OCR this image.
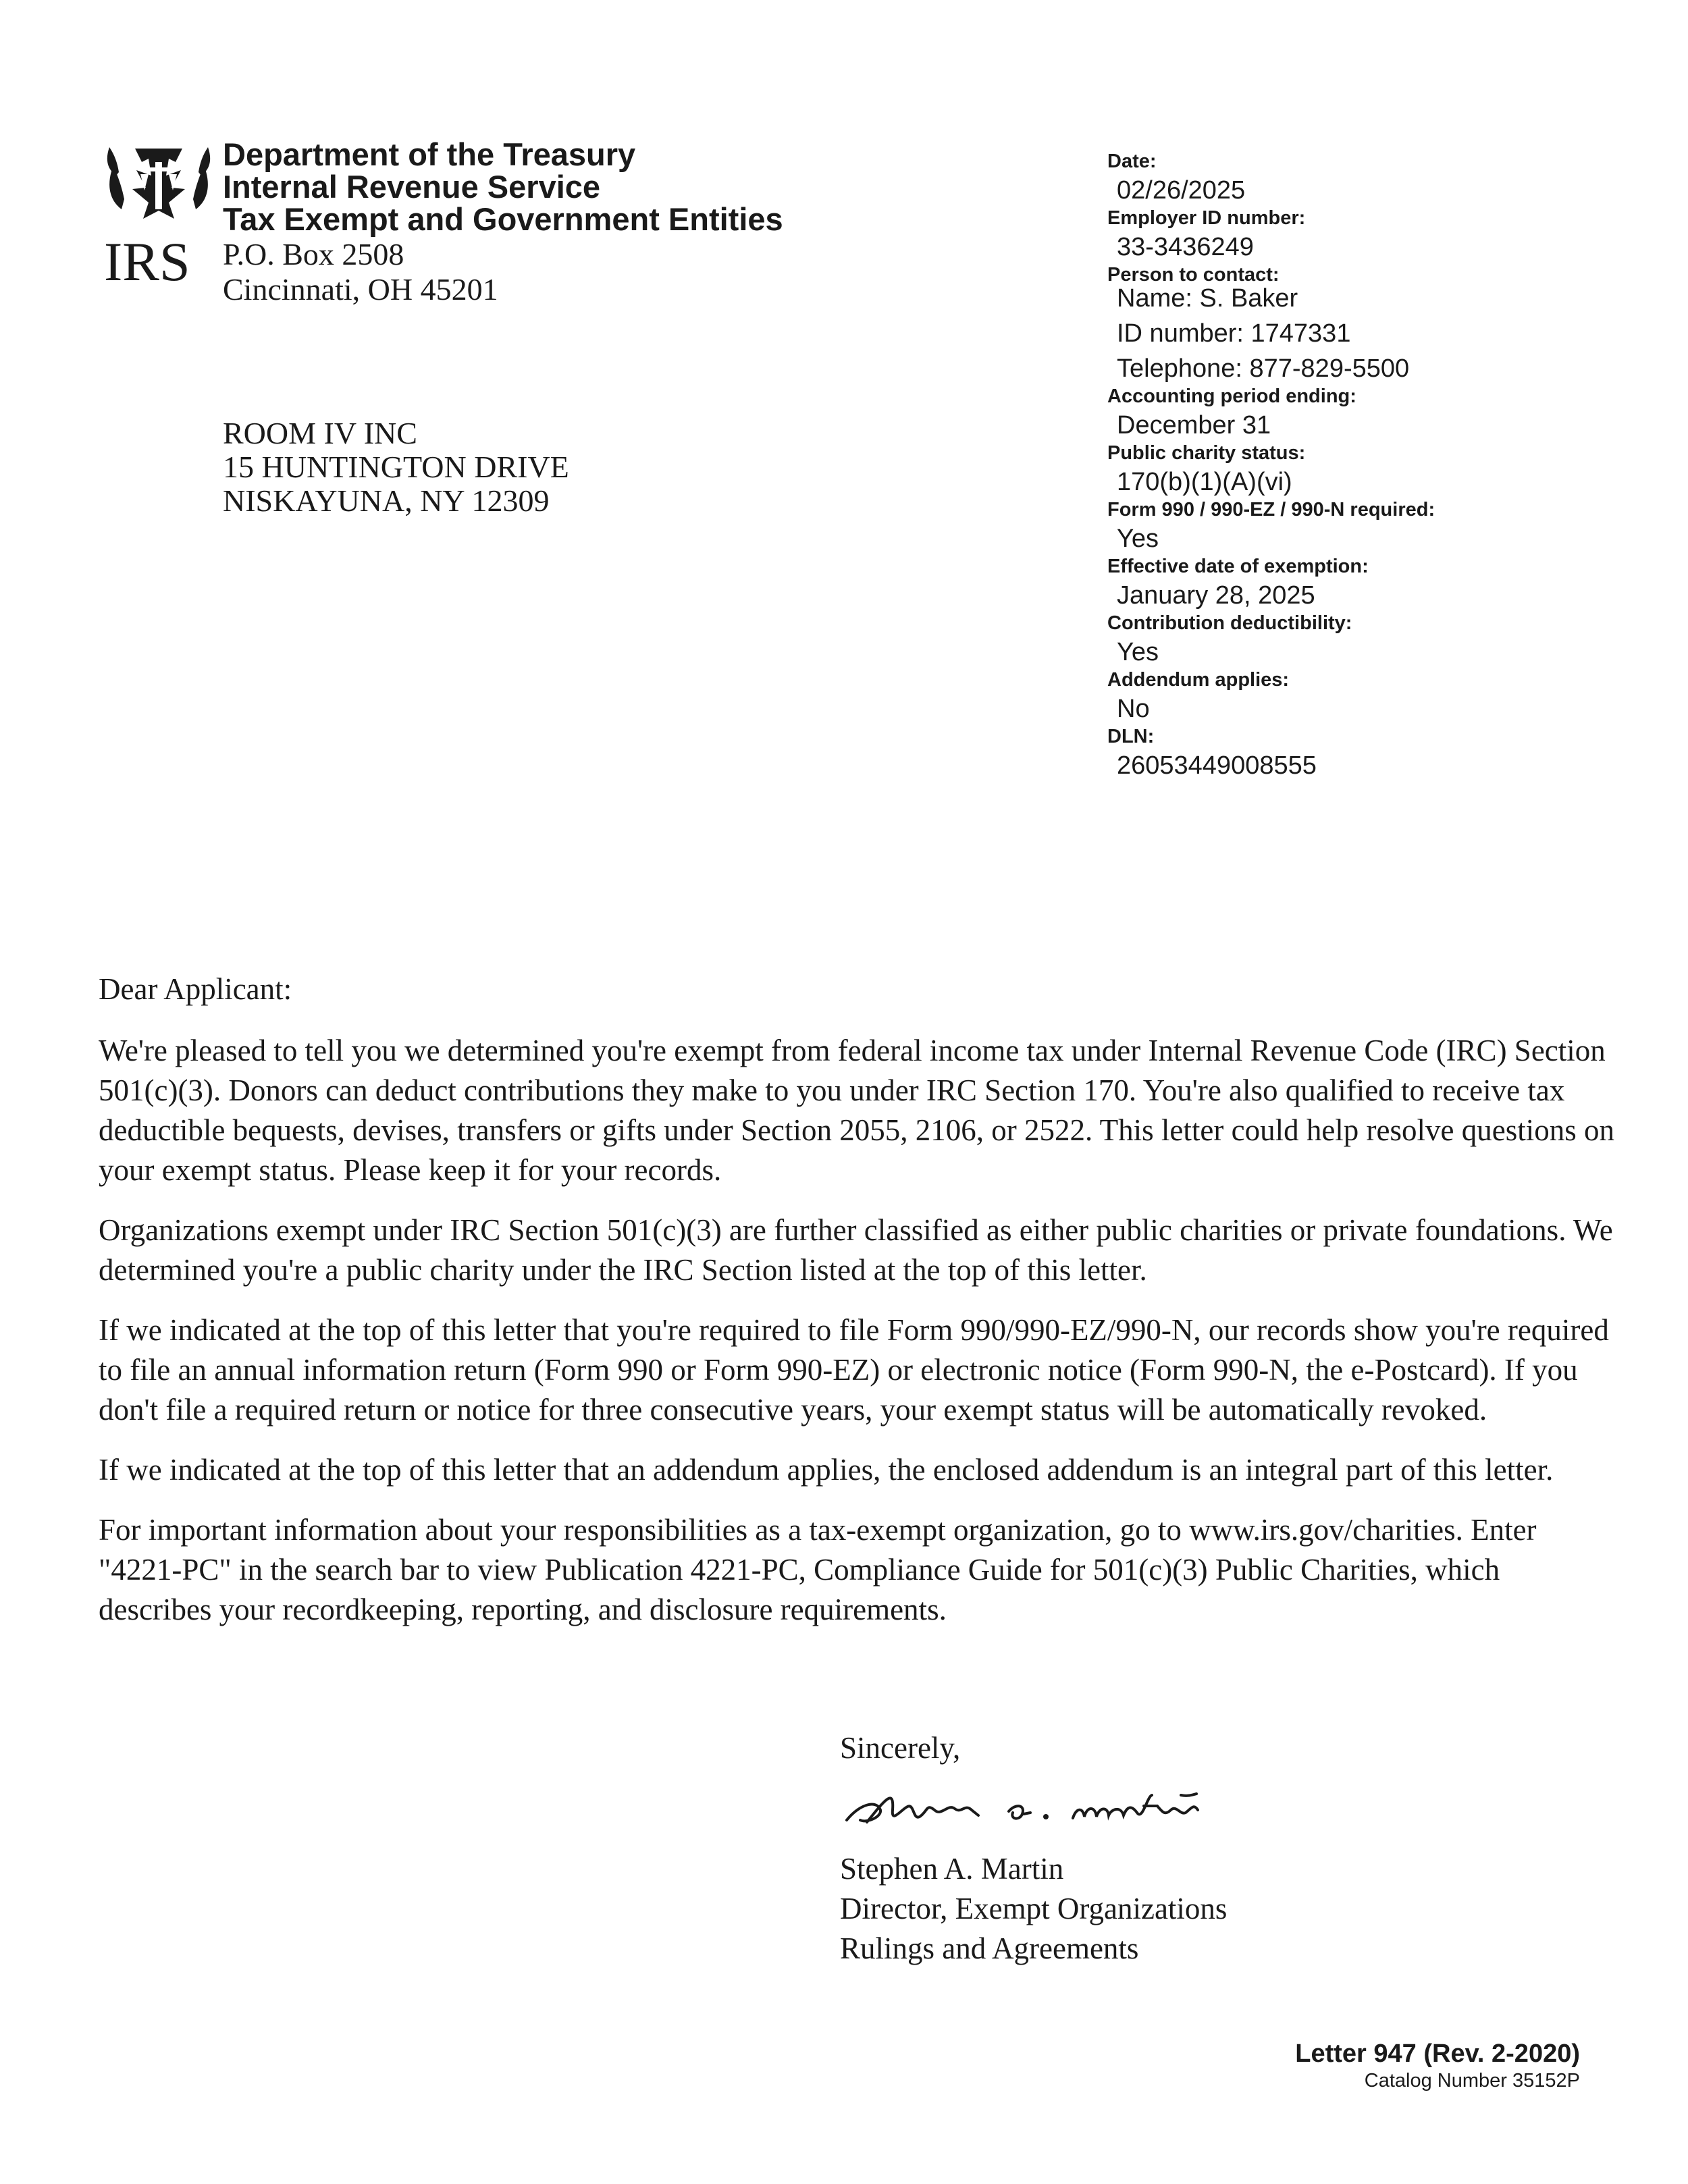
IRS
Department of the Treasury
Internal Revenue Service
Tax Exempt and Government Entities
P.O. Box 2508
Cincinnati, OH 45201
ROOM IV INC
15 HUNTINGTON DRIVE
NISKAYUNA, NY 12309
Date:
02/26/2025
Employer ID number:
33-3436249
Person to contact:
Name: S. Baker
ID number: 1747331
Telephone: 877-829-5500
Accounting period ending:
December 31
Public charity status:
170(b)(1)(A)(vi)
Form 990 / 990-EZ / 990-N required:
Yes
Effective date of exemption:
January 28, 2025
Contribution deductibility:
Yes
Addendum applies:
No
DLN:
26053449008555

Dear Applicant:

We're pleased to tell you we determined you're exempt from federal income tax under Internal Revenue Code (IRC) Section 501(c)(3). Donors can deduct contributions they make to you under IRC Section 170. You're also qualified to receive tax deductible bequests, devises, transfers or gifts under Section 2055, 2106, or 2522. This letter could help resolve questions on your exempt status. Please keep it for your records.

Organizations exempt under IRC Section 501(c)(3) are further classified as either public charities or private foundations. We determined you're a public charity under the IRC Section listed at the top of this letter.

If we indicated at the top of this letter that you're required to file Form 990/990-EZ/990-N, our records show you're required to file an annual information return (Form 990 or Form 990-EZ) or electronic notice (Form 990-N, the e-Postcard). If you don't file a required return or notice for three consecutive years, your exempt status will be automatically revoked.

If we indicated at the top of this letter that an addendum applies, the enclosed addendum is an integral part of this letter.

For important information about your responsibilities as a tax-exempt organization, go to www.irs.gov/charities. Enter "4221-PC" in the search bar to view Publication 4221-PC, Compliance Guide for 501(c)(3) Public Charities, which describes your recordkeeping, reporting, and disclosure requirements.

Sincerely,
Stephen A. Martin
Director, Exempt Organizations
Rulings and Agreements
Letter 947 (Rev. 2-2020)
Catalog Number 35152P
